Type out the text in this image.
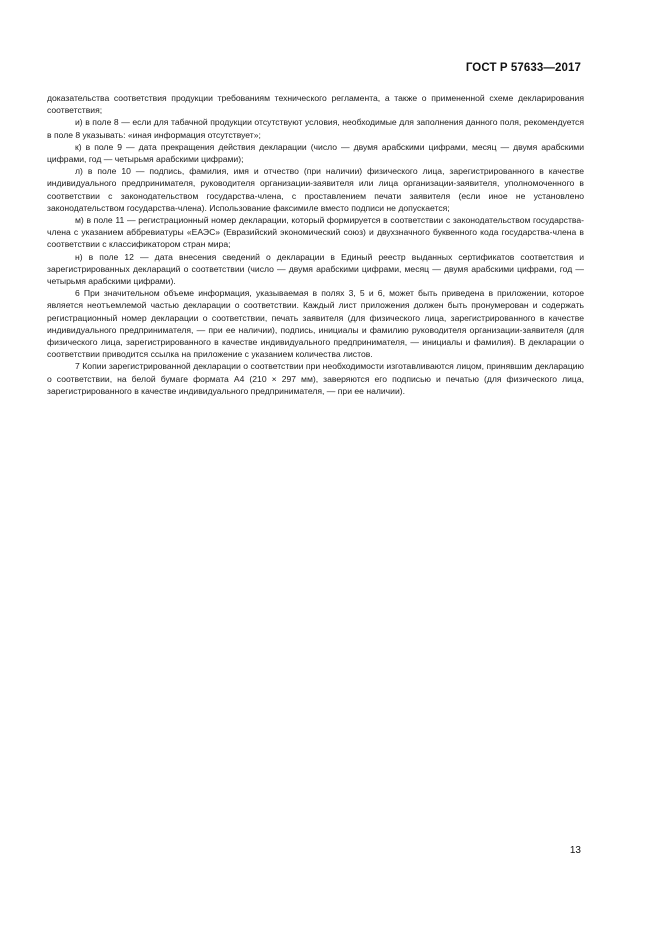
ГОСТ Р 57633—2017

доказательства соответствия продукции требованиям технического регламента, а также о примененной схеме декларирования соответствия;

и) в поле 8 — если для табачной продукции отсутствуют условия, необходимые для заполнения данного поля, рекомендуется в поле 8 указывать: «иная информация отсутствует»;

к) в поле 9 — дата прекращения действия декларации (число — двумя арабскими цифрами, месяц — двумя арабскими цифрами, год — четырьмя арабскими цифрами);

л) в поле 10 — подпись, фамилия, имя и отчество (при наличии) физического лица, зарегистрированного в качестве индивидуального предпринимателя, руководителя организации-заявителя или лица организации-заявителя, уполномоченного в соответствии с законодательством государства-члена, с проставлением печати заявителя (если иное не установлено законодательством государства-члена). Использование факсимиле вместо подписи не допускается;

м) в поле 11 — регистрационный номер декларации, который формируется в соответствии с законодательством государства-члена с указанием аббревиатуры «ЕАЭС» (Евразийский экономический союз) и двухзначного буквенного кода государства-члена в соответствии с классификатором стран мира;

н) в поле 12 — дата внесения сведений о декларации в Единый реестр выданных сертификатов соответствия и зарегистрированных деклараций о соответствии (число — двумя арабскими цифрами, месяц — двумя арабскими цифрами, год — четырьмя арабскими цифрами).

6 При значительном объеме информация, указываемая в полях 3, 5 и 6, может быть приведена в приложении, которое является неотъемлемой частью декларации о соответствии. Каждый лист приложения должен быть пронумерован и содержать регистрационный номер декларации о соответствии, печать заявителя (для физического лица, зарегистрированного в качестве индивидуального предпринимателя, — при ее наличии), подпись, инициалы и фамилию руководителя организации-заявителя (для физического лица, зарегистрированного в качестве индивидуального предпринимателя, — инициалы и фамилия). В декларации о соответствии приводится ссылка на приложение с указанием количества листов.

7 Копии зарегистрированной декларации о соответствии при необходимости изготавливаются лицом, принявшим декларацию о соответствии, на белой бумаге формата А4 (210 × 297 мм), заверяются его подписью и печатью (для физического лица, зарегистрированного в качестве индивидуального предпринимателя, — при ее наличии).

13
